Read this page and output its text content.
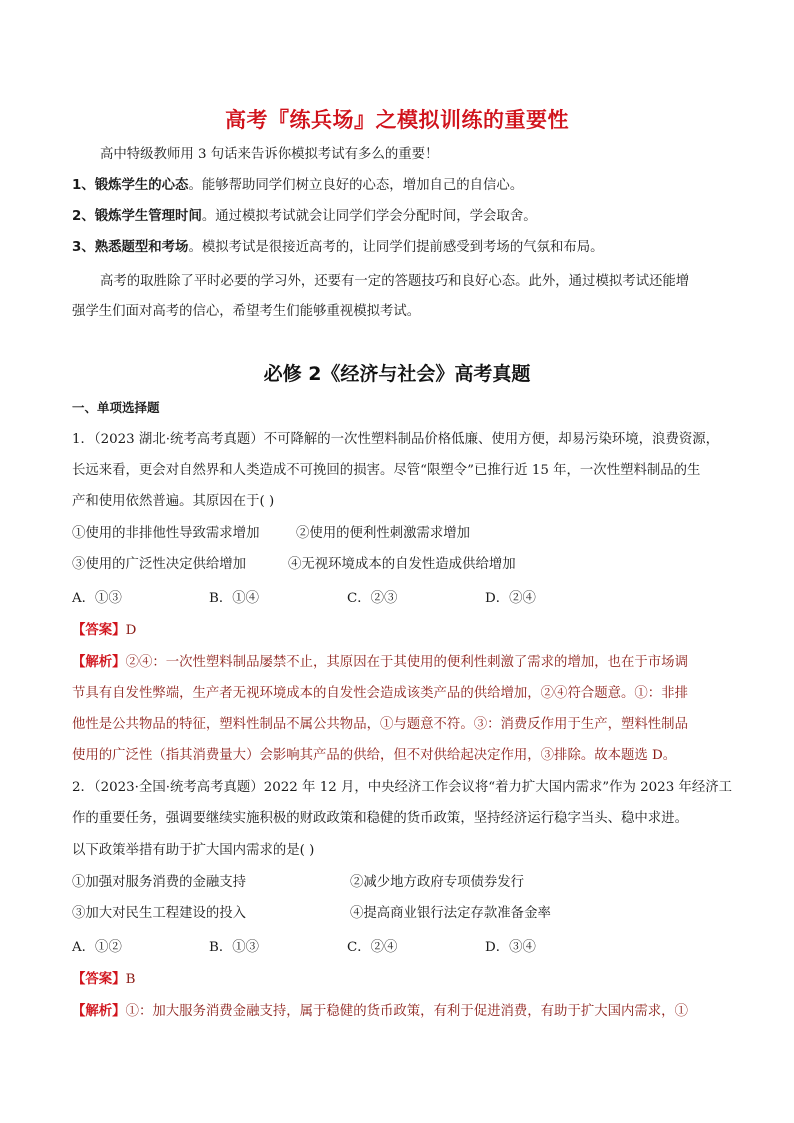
高考『练兵场』之模拟训练的重要性
高中特级教师用 3 句话来告诉你模拟考试有多么的重要！
1、锻炼学生的心态。能够帮助同学们树立良好的心态，增加自己的自信心。
2、锻炼学生管理时间。通过模拟考试就会让同学们学会分配时间，学会取舍。
3、熟悉题型和考场。模拟考试是很接近高考的，让同学们提前感受到考场的气氛和布局。
高考的取胜除了平时必要的学习外，还要有一定的答题技巧和良好心态。此外，通过模拟考试还能增
强学生们面对高考的信心，希望考生们能够重视模拟考试。
必修 2《经济与社会》高考真题
一、单项选择题
1．（2023 湖北·统考高考真题）不可降解的一次性塑料制品价格低廉、使用方便，却易污染环境，浪费资源，
长远来看，更会对自然界和人类造成不可挽回的损害。尽管“限塑令”已推行近 15 年，一次性塑料制品的生
产和使用依然普遍。其原因在于( )
①使用的非排他性导致需求增加	②使用的便利性刺激需求增加
③使用的广泛性决定供给增加	④无视环境成本的自发性造成供给增加
A．①③	B．①④	C．②③	D．②④
【答案】D
【解析】②④：一次性塑料制品屡禁不止，其原因在于其使用的便利性刺激了需求的增加，也在于市场调
节具有自发性弊端，生产者无视环境成本的自发性会造成该类产品的供给增加，②④符合题意。①：非排
他性是公共物品的特征，塑料性制品不属公共物品，①与题意不符。③：消费反作用于生产，塑料性制品
使用的广泛性（指其消费量大）会影响其产品的供给，但不对供给起决定作用，③排除。故本题选 D。
2．（2023·全国·统考高考真题）2022 年 12 月，中央经济工作会议将“着力扩大国内需求”作为 2023 年经济工
作的重要任务，强调要继续实施积极的财政政策和稳健的货币政策，坚持经济运行稳字当头、稳中求进。
以下政策举措有助于扩大国内需求的是( )
①加强对服务消费的金融支持	②减少地方政府专项债券发行
③加大对民生工程建设的投入	④提高商业银行法定存款准备金率
A．①②	B．①③	C．②④	D．③④
【答案】B
【解析】①：加大服务消费金融支持，属于稳健的货币政策，有利于促进消费，有助于扩大国内需求，①
